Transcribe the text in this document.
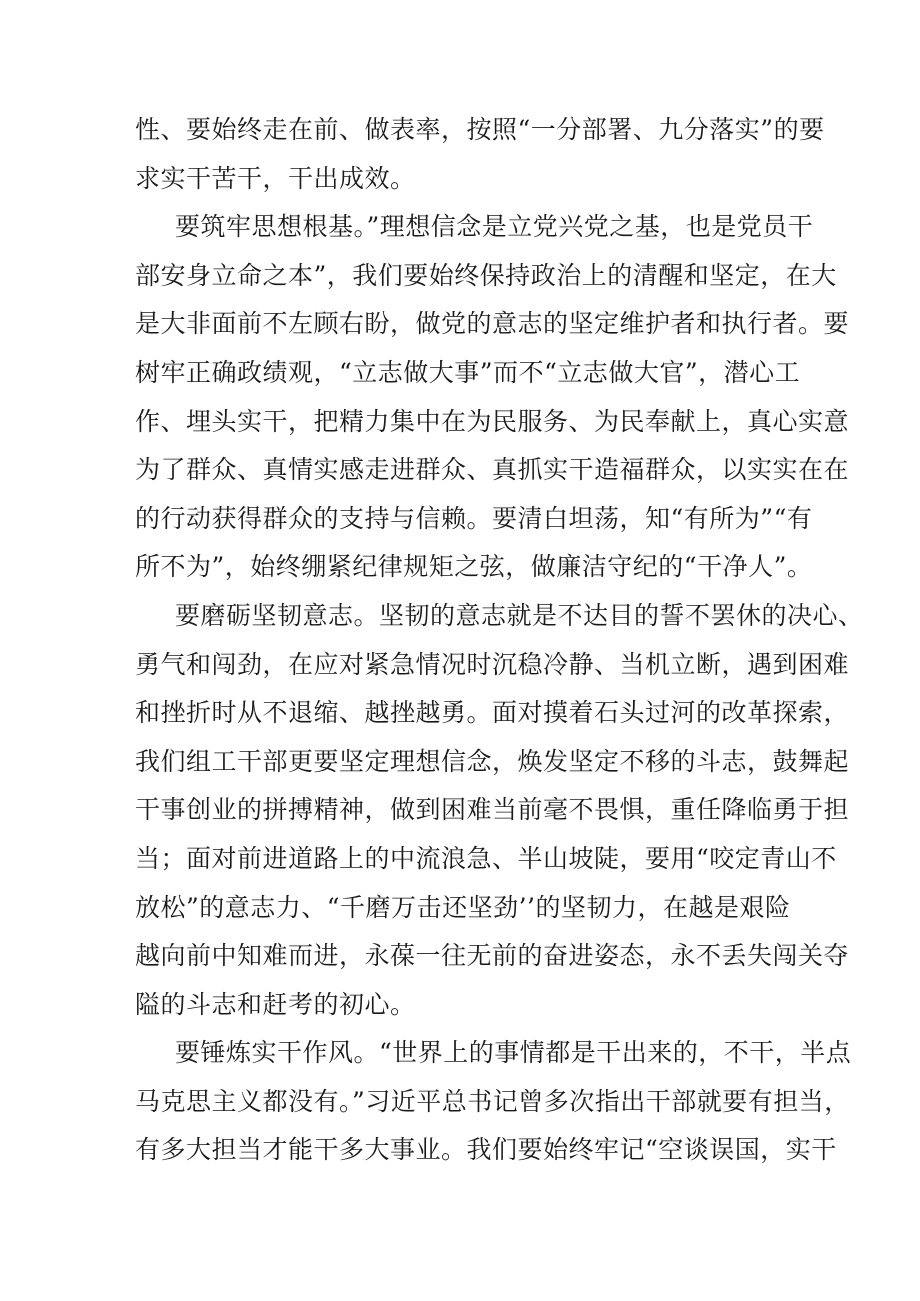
性、要始终走在前、做表率，按照“一分部署、九分落实”的要
求实干苦干，干出成效。
要筑牢思想根基。”理想信念是立党兴党之基，也是党员干
部安身立命之本”，我们要始终保持政治上的清醒和坚定，在大
是大非面前不左顾右盼，做党的意志的坚定维护者和执行者。要
树牢正确政绩观，“立志做大事”而不“立志做大官”，潜心工
作、埋头实干，把精力集中在为民服务、为民奉献上，真心实意
为了群众、真情实感走进群众、真抓实干造福群众，以实实在在
的行动获得群众的支持与信赖。要清白坦荡，知“有所为”“有
所不为”，始终绷紧纪律规矩之弦，做廉洁守纪的“干净人”。
要磨砺坚韧意志。坚韧的意志就是不达目的誓不罢休的决心、
勇气和闯劲，在应对紧急情况时沉稳冷静、当机立断，遇到困难
和挫折时从不退缩、越挫越勇。面对摸着石头过河的改革探索，
我们组工干部更要坚定理想信念，焕发坚定不移的斗志，鼓舞起
干事创业的拼搏精神，做到困难当前毫不畏惧，重任降临勇于担
当；面对前进道路上的中流浪急、半山坡陡，要用“咬定青山不
放松”的意志力、“千磨万击还坚劲’’的坚韧力，在越是艰险
越向前中知难而进，永葆一往无前的奋进姿态，永不丢失闯关夺
隘的斗志和赶考的初心。
要锤炼实干作风。“世界上的事情都是干出来的，不干，半点
马克思主义都没有。”习近平总书记曾多次指出干部就要有担当，
有多大担当才能干多大事业。我们要始终牢记“空谈误国，实干
